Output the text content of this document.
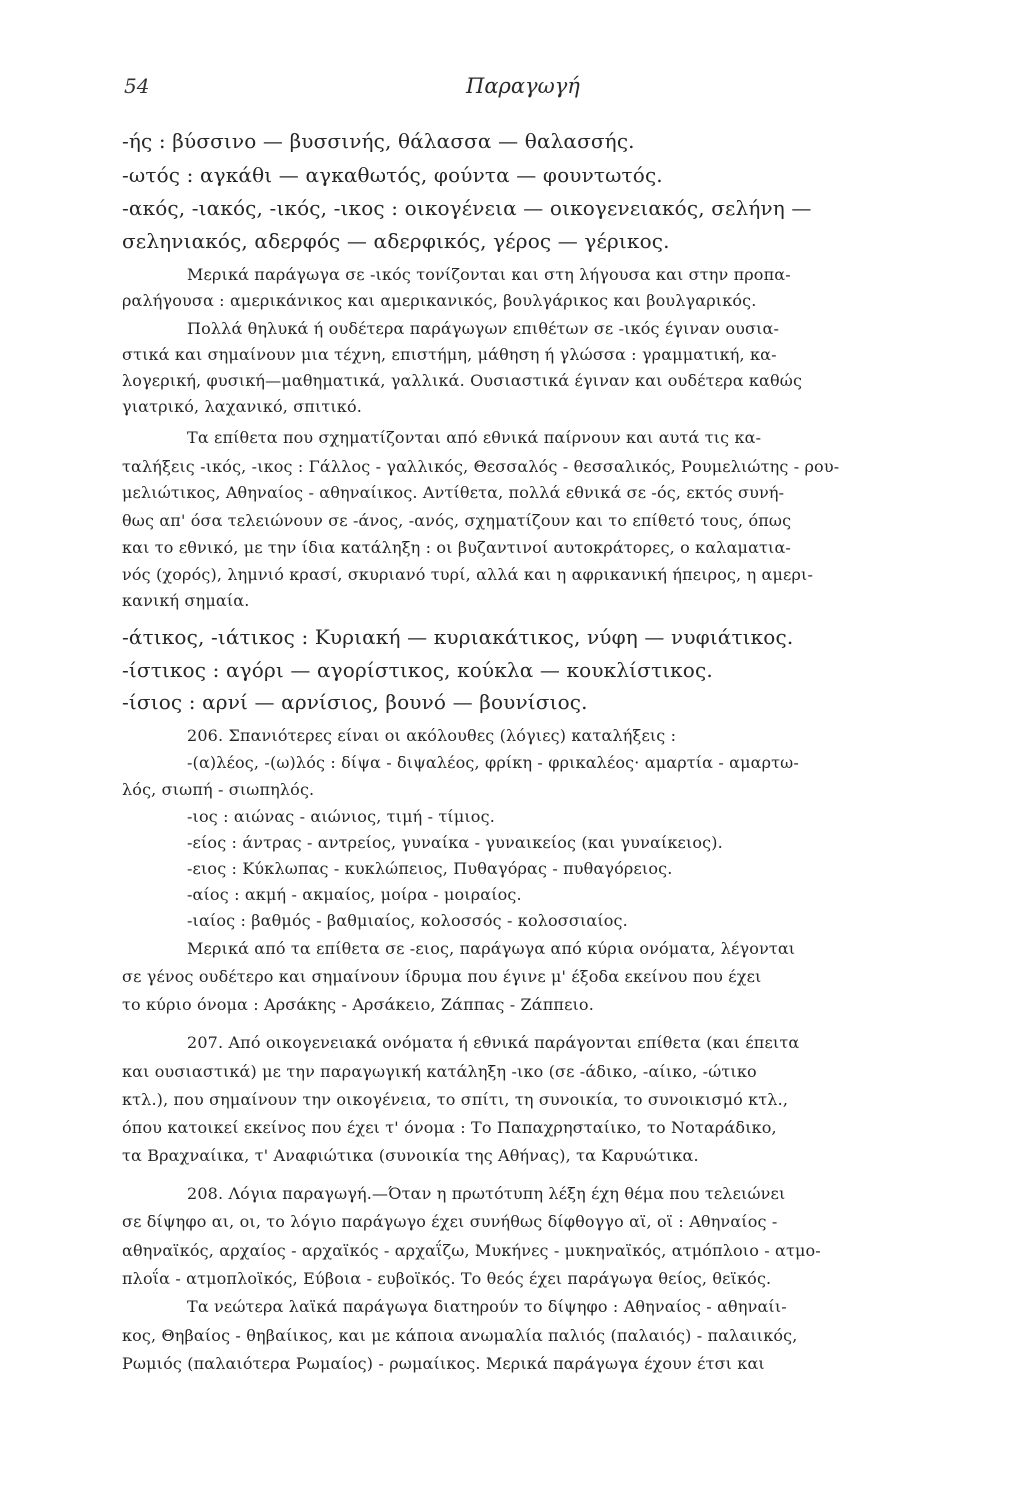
54	Παραγωγή
-ής : βύσσινο — βυσσινής, θάλασσα — θαλασσής.
-ωτός : αγκάθι — αγκαθωτός, φούντα — φουντωτός.
-ακός, -ιακός, -ικός, -ικος : οικογένεια — οικογενειακός, σελήνη —
σεληνιακός, αδερφός — αδερφικός, γέρος — γέρικος.
Μερικά παράγωγα σε -ικός τονίζονται και στη λήγουσα και στην προπα-
ραλήγουσα : αμερικάνικος και αμερικανικός, βουλγάρικος και βουλγαρικός.
Πολλά θηλυκά ή ουδέτερα παράγωγων επιθέτων σε -ικός έγιναν ουσια-
στικά και σημαίνουν μια τέχνη, επιστήμη, μάθηση ή γλώσσα : γραμματική, κα-
λογερική, φυσική—μαθηματικά, γαλλικά. Ουσιαστικά έγιναν και ουδέτερα καθώς
γιατρικό, λαχανικό, σπιτικό.
Τα επίθετα που σχηματίζονται από εθνικά παίρνουν και αυτά τις κα-
ταλήξεις -ικός, -ικος : Γάλλος - γαλλικός, Θεσσαλός - θεσσαλικός, Ρουμελιώτης - ρου-
μελιώτικος, Αθηναίος - αθηναίικος. Αντίθετα, πολλά εθνικά σε -ός, εκτός συνή-
θως απ' όσα τελειώνουν σε -άνος, -ανός, σχηματίζουν και το επίθετό τους, όπως
και το εθνικό, με την ίδια κατάληξη : οι βυζαντινοί αυτοκράτορες, ο καλαματια-
νός (χορός), λημνιό κρασί, σκυριανό τυρί, αλλά και η αφρικανική ήπειρος, η αμερι-
κανική σημαία.
-άτικος, -ιάτικος : Κυριακή — κυριακάτικος, νύφη — νυφιάτικος.
-ίστικος : αγόρι — αγορίστικος, κούκλα — κουκλίστικος.
-ίσιος : αρνί — αρνίσιος, βουνό — βουνίσιος.
206. Σπανιότερες είναι οι ακόλουθες (λόγιες) καταλήξεις :
-(α)λέος, -(ω)λός : δίψα - διψαλέος, φρίκη - φρικαλέος· αμαρτία - αμαρτω-
λός, σιωπή - σιωπηλός.
-ιος : αιώνας - αιώνιος, τιμή - τίμιος.
-είος : άντρας - αντρείος, γυναίκα - γυναικείος (και γυναίκειος).
-ειος : Κύκλωπας - κυκλώπειος, Πυθαγόρας - πυθαγόρειος.
-αίος : ακμή - ακμαίος, μοίρα - μοιραίος.
-ιαίος : βαθμός - βαθμιαίος, κολοσσός - κολοσσιαίος.
Μερικά από τα επίθετα σε -ειος, παράγωγα από κύρια ονόματα, λέγονται
σε γένος ουδέτερο και σημαίνουν ίδρυμα που έγινε μ' έξοδα εκείνου που έχει
το κύριο όνομα : Αρσάκης - Αρσάκειο, Ζάππας - Ζάππειο.
207. Από οικογενειακά ονόματα ή εθνικά παράγονται επίθετα (και έπειτα
και ουσιαστικά) με την παραγωγική κατάληξη -ικο (σε -άδικο, -αίικο, -ώτικο
κτλ.), που σημαίνουν την οικογένεια, το σπίτι, τη συνοικία, το συνοικισμό κτλ.,
όπου κατοικεί εκείνος που έχει τ' όνομα : Το Παπαχρησταίικο, το Νοταράδικο,
τα Βραχναίικα, τ' Αναφιώτικα (συνοικία της Αθήνας), τα Καρυώτικα.
208. Λόγια παραγωγή.—Όταν η πρωτότυπη λέξη έχη θέμα που τελειώνει
σε δίψηφο αι, οι, το λόγιο παράγωγο έχει συνήθως δίφθογγο αϊ, οϊ : Αθηναίος -
αθηναϊκός, αρχαίος - αρχαϊκός - αρχαΐζω, Μυκήνες - μυκηναϊκός, ατμόπλοιο - ατμο-
πλοΐα - ατμοπλοϊκός, Εύβοια - ευβοϊκός. Το θεός έχει παράγωγα θείος, θεϊκός.
Τα νεώτερα λαϊκά παράγωγα διατηρούν το δίψηφο : Αθηναίος - αθηναίι-
κος, Θηβαίος - θηβαίικος, και με κάποια ανωμαλία παλιός (παλαιός) - παλαιικός,
Ρωμιός (παλαιότερα Ρωμαίος) - ρωμαίικος. Μερικά παράγωγα έχουν έτσι και
